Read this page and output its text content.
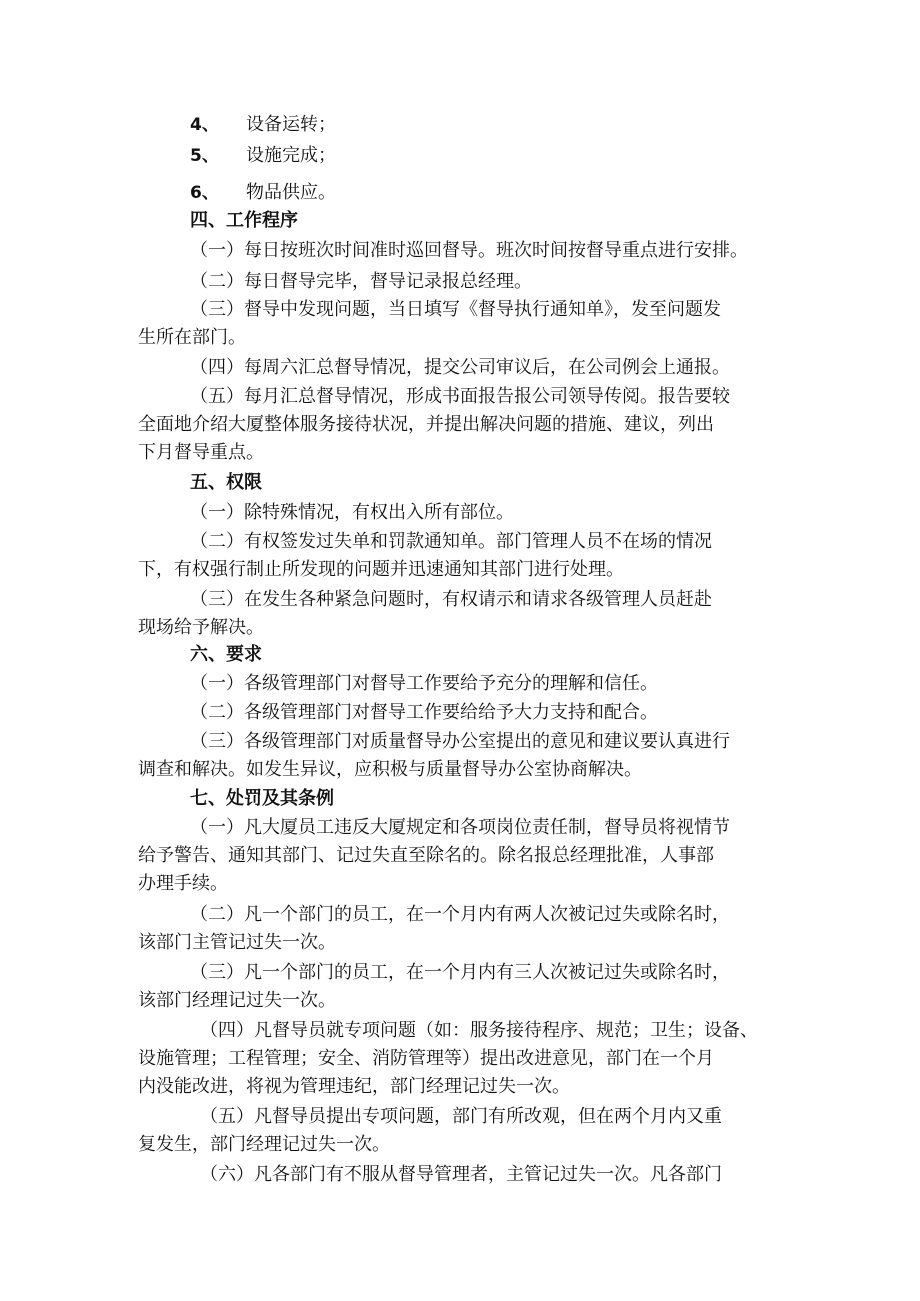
4、 设备运转；
5、 设施完成；
6、 物品供应。
四、工作程序
（一）每日按班次时间准时巡回督导。班次时间按督导重点进行安排。
（二）每日督导完毕，督导记录报总经理。
（三）督导中发现问题，当日填写《督导执行通知单》，发至问题发
生所在部门。
（四）每周六汇总督导情况，提交公司审议后，在公司例会上通报。
（五）每月汇总督导情况，形成书面报告报公司领导传阅。报告要较
全面地介绍大厦整体服务接待状况，并提出解决问题的措施、建议，列出
下月督导重点。
五、权限
（一）除特殊情况，有权出入所有部位。
（二）有权签发过失单和罚款通知单。部门管理人员不在场的情况
下，有权强行制止所发现的问题并迅速通知其部门进行处理。
（三）在发生各种紧急问题时，有权请示和请求各级管理人员赶赴
现场给予解决。
六、要求
（一）各级管理部门对督导工作要给予充分的理解和信任。
（二）各级管理部门对督导工作要给给予大力支持和配合。
（三）各级管理部门对质量督导办公室提出的意见和建议要认真进行
调查和解决。如发生异议，应积极与质量督导办公室协商解决。
七、处罚及其条例
（一）凡大厦员工违反大厦规定和各项岗位责任制，督导员将视情节
给予警告、通知其部门、记过失直至除名的。除名报总经理批准，人事部
办理手续。
（二）凡一个部门的员工，在一个月内有两人次被记过失或除名时，
该部门主管记过失一次。
（三）凡一个部门的员工，在一个月内有三人次被记过失或除名时，
该部门经理记过失一次。
（四）凡督导员就专项问题（如：服务接待程序、规范；卫生；设备、
设施管理；工程管理；安全、消防管理等）提出改进意见，部门在一个月
内没能改进，将视为管理违纪，部门经理记过失一次。
（五）凡督导员提出专项问题，部门有所改观，但在两个月内又重
复发生，部门经理记过失一次。
（六）凡各部门有不服从督导管理者，主管记过失一次。凡各部门
